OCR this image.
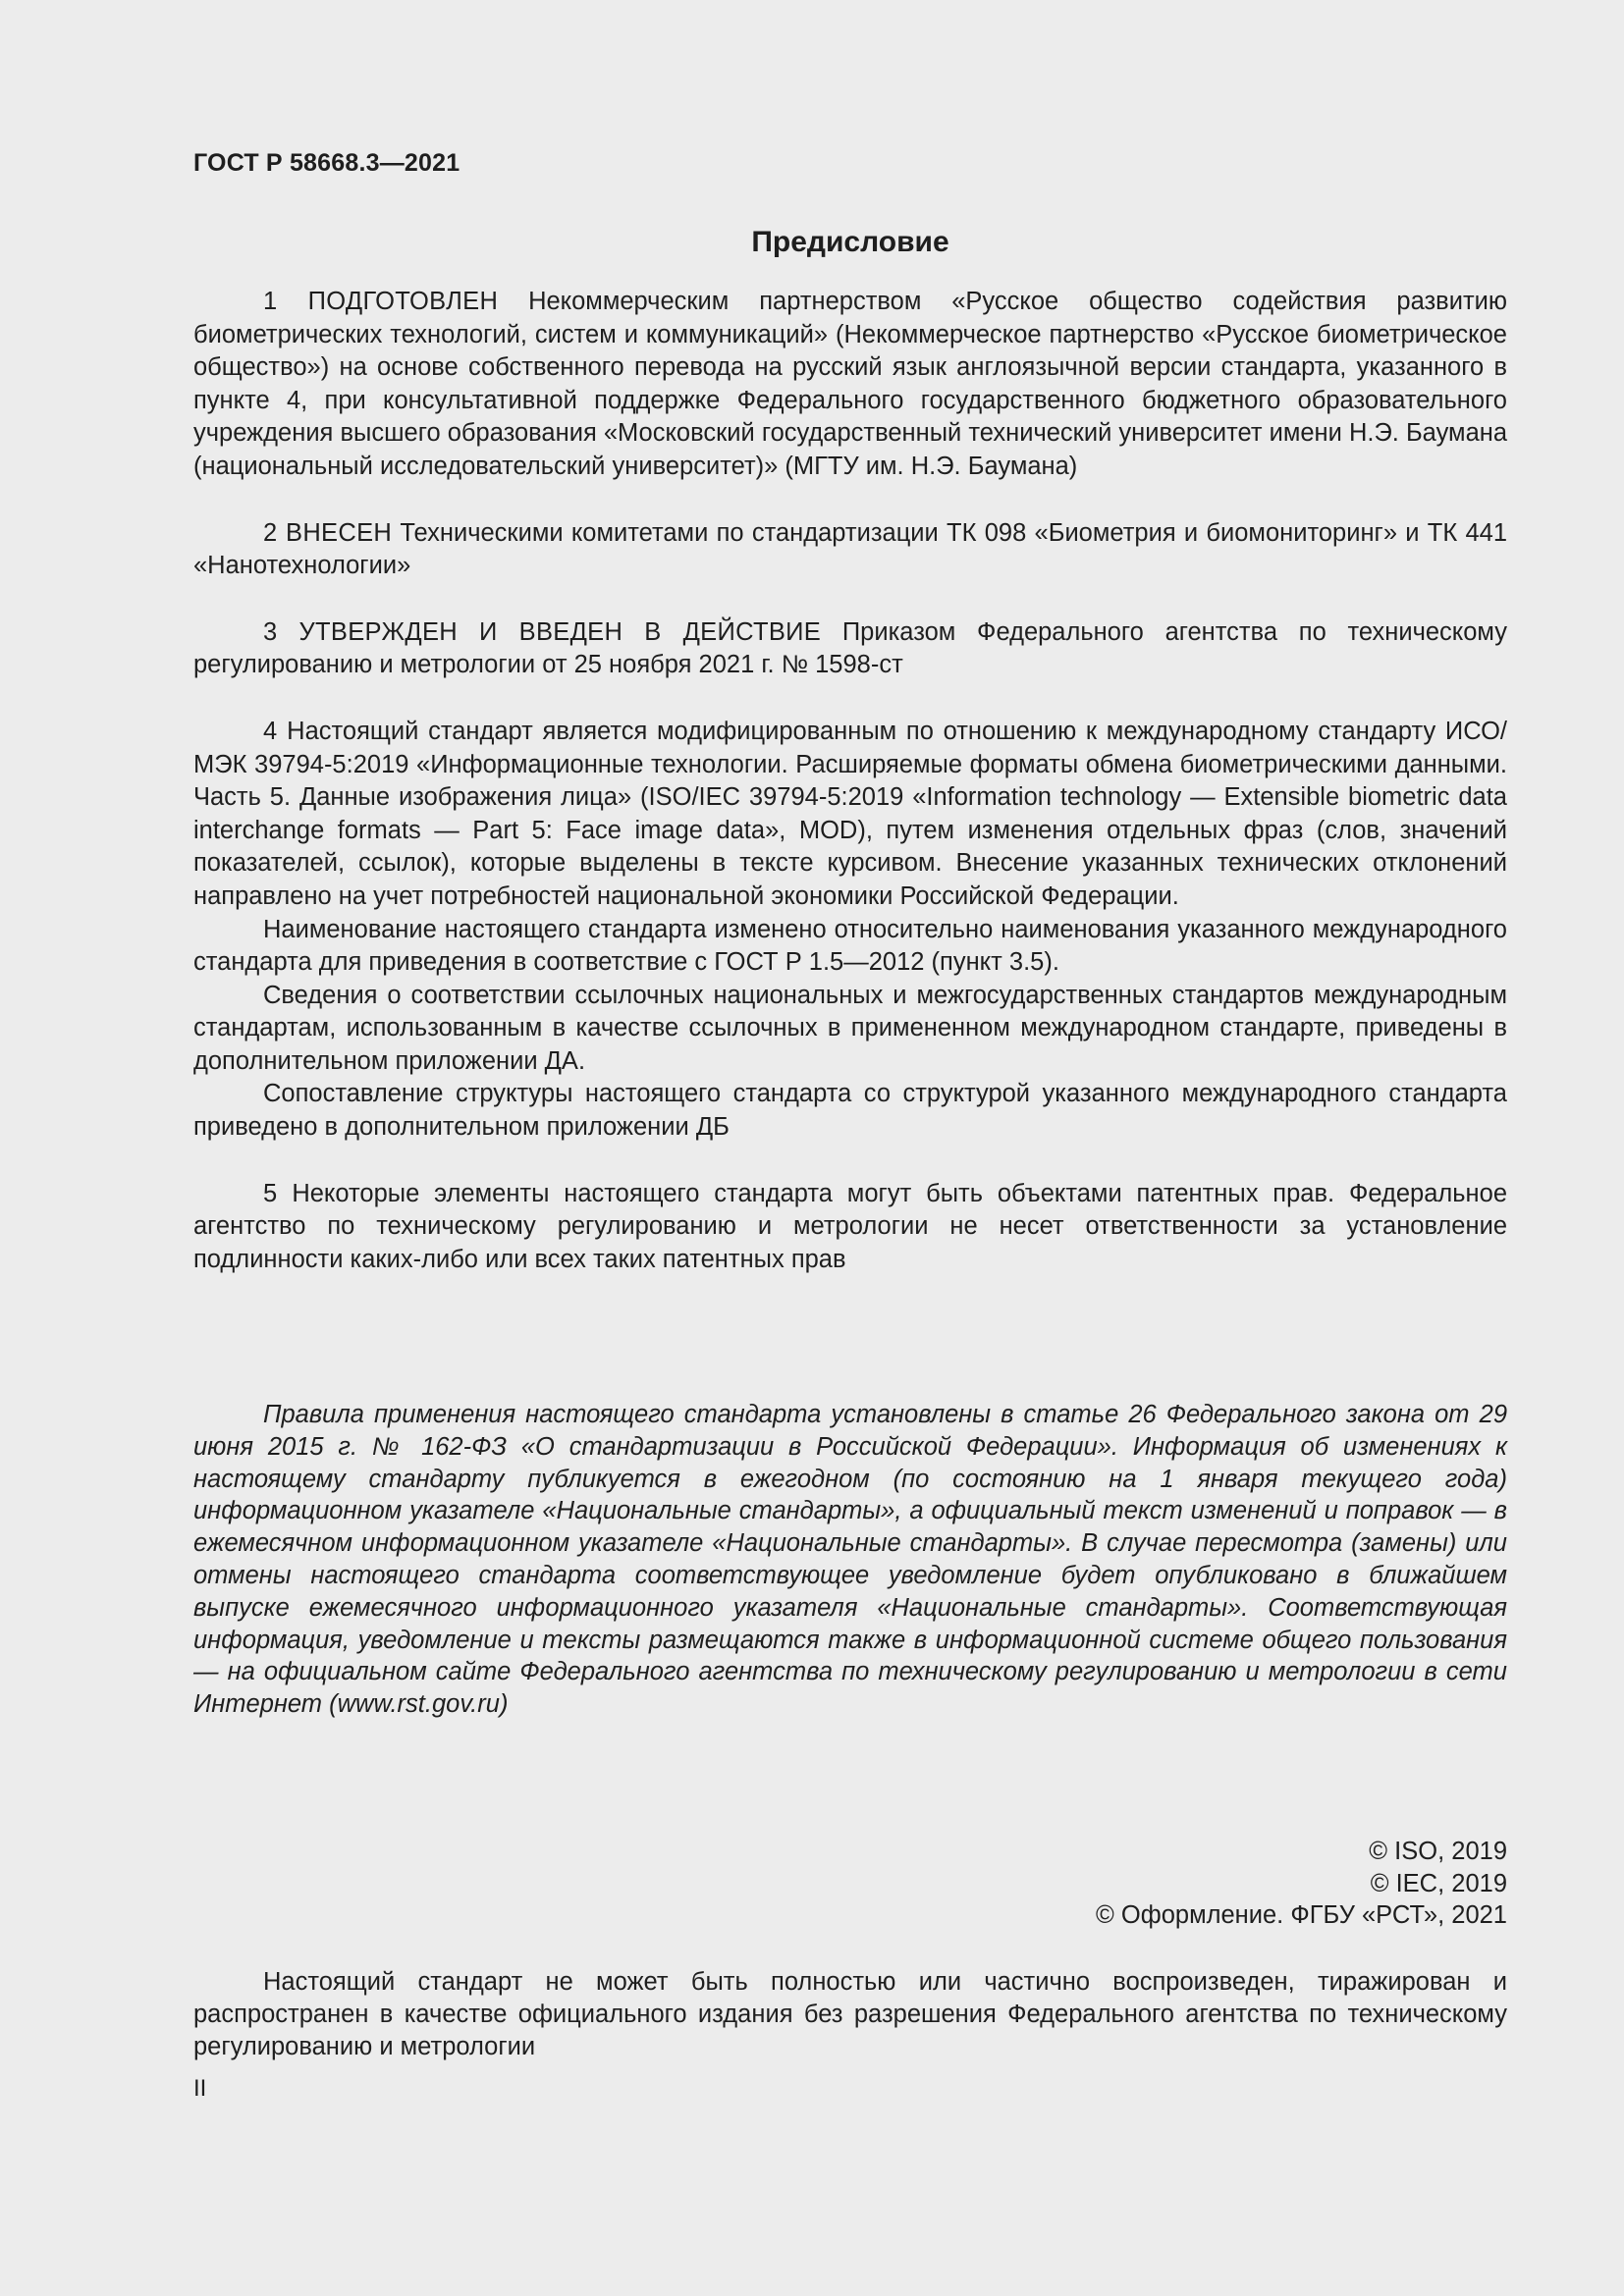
ГОСТ Р 58668.3—2021
Предисловие

1 ПОДГОТОВЛЕН Некоммерческим партнерством «Русское общество содействия развитию биометрических технологий, систем и коммуникаций» (Некоммерческое партнерство «Русское биометрическое общество») на основе собственного перевода на русский язык англоязычной версии стандарта, указанного в пункте 4, при консультативной поддержке Федерального государственного бюджетного образовательного учреждения высшего образования «Московский государственный технический университет имени Н.Э. Баумана (национальный исследовательский университет)» (МГТУ им. Н.Э. Баумана)

2 ВНЕСЕН Техническими комитетами по стандартизации ТК 098 «Биометрия и биомониторинг» и ТК 441 «Нанотехнологии»

3 УТВЕРЖДЕН И ВВЕДЕН В ДЕЙСТВИЕ Приказом Федерального агентства по техническому регулированию и метрологии от 25 ноября 2021 г. № 1598-ст

4 Настоящий стандарт является модифицированным по отношению к международному стандарту ИСО/МЭК 39794-5:2019 «Информационные технологии. Расширяемые форматы обмена биометрическими данными. Часть 5. Данные изображения лица» (ISO/IEC 39794-5:2019 «Information technology — Extensible biometric data interchange formats — Part 5: Face image data», MOD), путем изменения отдельных фраз (слов, значений показателей, ссылок), которые выделены в тексте курсивом. Внесение указанных технических отклонений направлено на учет потребностей национальной экономики Российской Федерации.

Наименование настоящего стандарта изменено относительно наименования указанного международного стандарта для приведения в соответствие с ГОСТ Р 1.5—2012 (пункт 3.5).

Сведения о соответствии ссылочных национальных и межгосударственных стандартов международным стандартам, использованным в качестве ссылочных в примененном международном стандарте, приведены в дополнительном приложении ДА.

Сопоставление структуры настоящего стандарта со структурой указанного международного стандарта приведено в дополнительном приложении ДБ

5 Некоторые элементы настоящего стандарта могут быть объектами патентных прав. Федеральное агентство по техническому регулированию и метрологии не несет ответственности за установление подлинности каких-либо или всех таких патентных прав

Правила применения настоящего стандарта установлены в статье 26 Федерального закона от 29 июня 2015 г. № 162-ФЗ «О стандартизации в Российской Федерации». Информация об изменениях к настоящему стандарту публикуется в ежегодном (по состоянию на 1 января текущего года) информационном указателе «Национальные стандарты», а официальный текст изменений и поправок — в ежемесячном информационном указателе «Национальные стандарты». В случае пересмотра (замены) или отмены настоящего стандарта соответствующее уведомление будет опубликовано в ближайшем выпуске ежемесячного информационного указателя «Национальные стандарты». Соответствующая информация, уведомление и тексты размещаются также в информационной системе общего пользования — на официальном сайте Федерального агентства по техническому регулированию и метрологии в сети Интернет (www.rst.gov.ru)

© ISO, 2019
© IEC, 2019
© Оформление. ФГБУ «РСТ», 2021

Настоящий стандарт не может быть полностью или частично воспроизведен, тиражирован и распространен в качестве официального издания без разрешения Федерального агентства по техническому регулированию и метрологии

II
